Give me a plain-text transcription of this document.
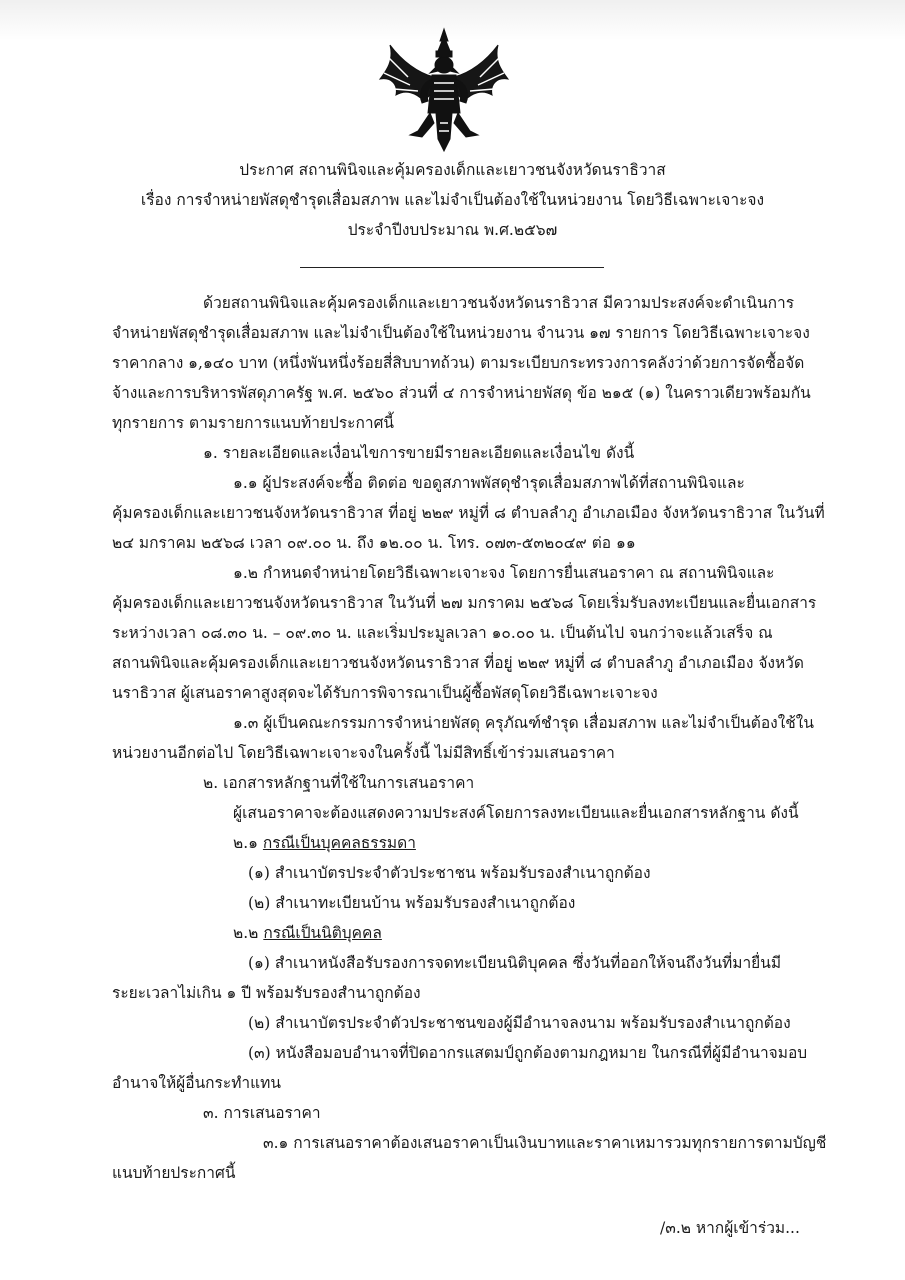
ประกาศ สถานพินิจและคุ้มครองเด็กและเยาวชนจังหวัดนราธิวาส
เรื่อง การจำหน่ายพัสดุชำรุดเสื่อมสภาพ และไม่จำเป็นต้องใช้ในหน่วยงาน โดยวิธีเฉพาะเจาะจง
ประจำปีงบประมาณ พ.ศ.๒๕๖๗
ด้วยสถานพินิจและคุ้มครองเด็กและเยาวชนจังหวัดนราธิวาส มีความประสงค์จะดำเนินการ
จำหน่ายพัสดุชำรุดเสื่อมสภาพ และไม่จำเป็นต้องใช้ในหน่วยงาน จำนวน ๑๗ รายการ โดยวิธีเฉพาะเจาะจง
ราคากลาง ๑,๑๔๐ บาท (หนึ่งพันหนึ่งร้อยสี่สิบบาทถ้วน) ตามระเบียบกระทรวงการคลังว่าด้วยการจัดซื้อจัด
จ้างและการบริหารพัสดุภาครัฐ พ.ศ. ๒๕๖๐ ส่วนที่ ๔ การจำหน่ายพัสดุ ข้อ ๒๑๕ (๑) ในคราวเดียวพร้อมกัน
ทุกรายการ ตามรายการแนบท้ายประกาศนี้
๑. รายละเอียดและเงื่อนไขการขายมีรายละเอียดและเงื่อนไข ดังนี้
๑.๑ ผู้ประสงค์จะซื้อ ติดต่อ ขอดูสภาพพัสดุชำรุดเสื่อมสภาพได้ที่สถานพินิจและ
คุ้มครองเด็กและเยาวชนจังหวัดนราธิวาส ที่อยู่ ๒๒๙ หมู่ที่ ๘ ตำบลลำภู อำเภอเมือง จังหวัดนราธิวาส ในวันที่
๒๔ มกราคม ๒๕๖๘ เวลา ๐๙.๐๐ น. ถึง ๑๒.๐๐ น. โทร. ๐๗๓-๕๓๒๐๔๙ ต่อ ๑๑
๑.๒ กำหนดจำหน่ายโดยวิธีเฉพาะเจาะจง โดยการยื่นเสนอราคา ณ สถานพินิจและ
คุ้มครองเด็กและเยาวชนจังหวัดนราธิวาส ในวันที่ ๒๗ มกราคม ๒๕๖๘ โดยเริ่มรับลงทะเบียนและยื่นเอกสาร
ระหว่างเวลา ๐๘.๓๐ น. – ๐๙.๓๐ น. และเริ่มประมูลเวลา ๑๐.๐๐ น. เป็นต้นไป จนกว่าจะแล้วเสร็จ ณ
สถานพินิจและคุ้มครองเด็กและเยาวชนจังหวัดนราธิวาส ที่อยู่ ๒๒๙ หมู่ที่ ๘ ตำบลลำภู อำเภอเมือง จังหวัด
นราธิวาส ผู้เสนอราคาสูงสุดจะได้รับการพิจารณาเป็นผู้ซื้อพัสดุโดยวิธีเฉพาะเจาะจง
๑.๓ ผู้เป็นคณะกรรมการจำหน่ายพัสดุ ครุภัณฑ์ชำรุด เสื่อมสภาพ และไม่จำเป็นต้องใช้ใน
หน่วยงานอีกต่อไป โดยวิธีเฉพาะเจาะจงในครั้งนี้ ไม่มีสิทธิ์เข้าร่วมเสนอราคา
๒. เอกสารหลักฐานที่ใช้ในการเสนอราคา
ผู้เสนอราคาจะต้องแสดงความประสงค์โดยการลงทะเบียนและยื่นเอกสารหลักฐาน ดังนี้
๒.๑ กรณีเป็นบุคคลธรรมดา
(๑) สำเนาบัตรประจำตัวประชาชน พร้อมรับรองสำเนาถูกต้อง
(๒) สำเนาทะเบียนบ้าน พร้อมรับรองสำเนาถูกต้อง
๒.๒ กรณีเป็นนิติบุคคล
(๑) สำเนาหนังสือรับรองการจดทะเบียนนิติบุคคล ซึ่งวันที่ออกให้จนถึงวันที่มายื่นมี
ระยะเวลาไม่เกิน ๑ ปี พร้อมรับรองสำนาถูกต้อง
(๒) สำเนาบัตรประจำตัวประชาชนของผู้มีอำนาจลงนาม พร้อมรับรองสำเนาถูกต้อง
(๓) หนังสือมอบอำนาจที่ปิดอากรแสตมป์ถูกต้องตามกฎหมาย ในกรณีที่ผู้มีอำนาจมอบ
อำนาจให้ผู้อื่นกระทำแทน
๓. การเสนอราคา
๓.๑ การเสนอราคาต้องเสนอราคาเป็นเงินบาทและราคาเหมารวมทุกรายการตามบัญชี
แนบท้ายประกาศนี้
/๓.๒ หากผู้เข้าร่วม...
